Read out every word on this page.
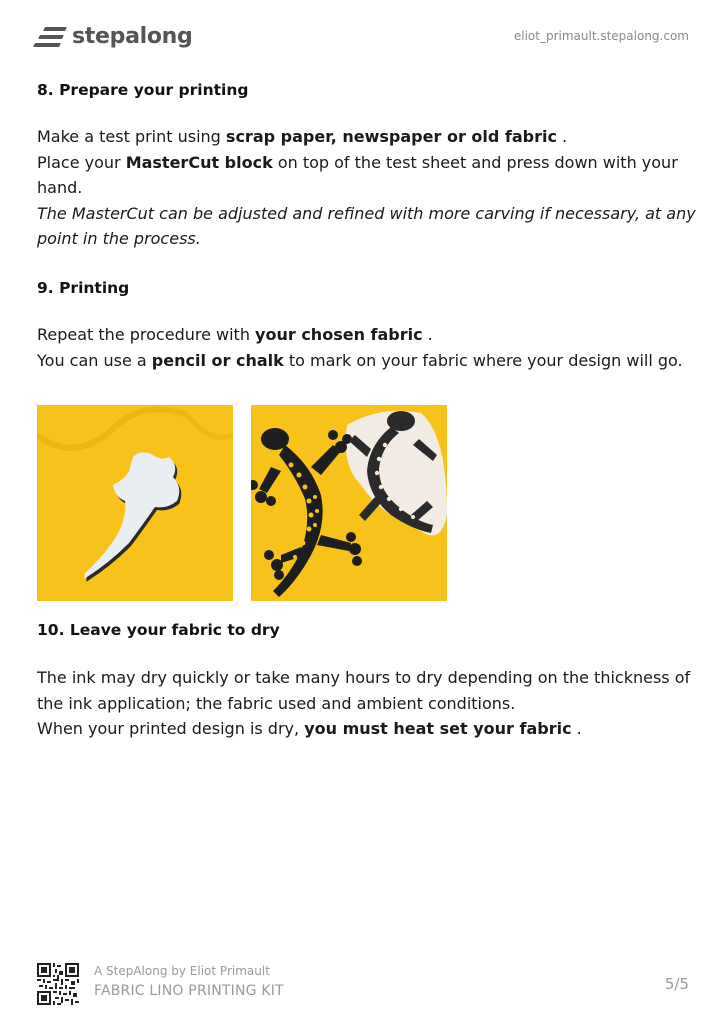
stepalong	eliot_primault.stepalong.com
8. Prepare your printing

Make a test print using scrap paper, newspaper or old fabric .

Place your MasterCut block on top of the test sheet and press down with your hand.

The MasterCut can be adjusted and refined with more carving if necessary, at any point in the process.

9. Printing

Repeat the procedure with your chosen fabric .

You can use a pencil or chalk to mark on your fabric where your design will go.

10. Leave your fabric to dry

The ink may dry quickly or take many hours to dry depending on the thickness of the ink application; the fabric used and ambient conditions.

When your printed design is dry, you must heat set your fabric .

A StepAlong by Eliot Primault
FABRIC LINO PRINTING KIT	5/5
